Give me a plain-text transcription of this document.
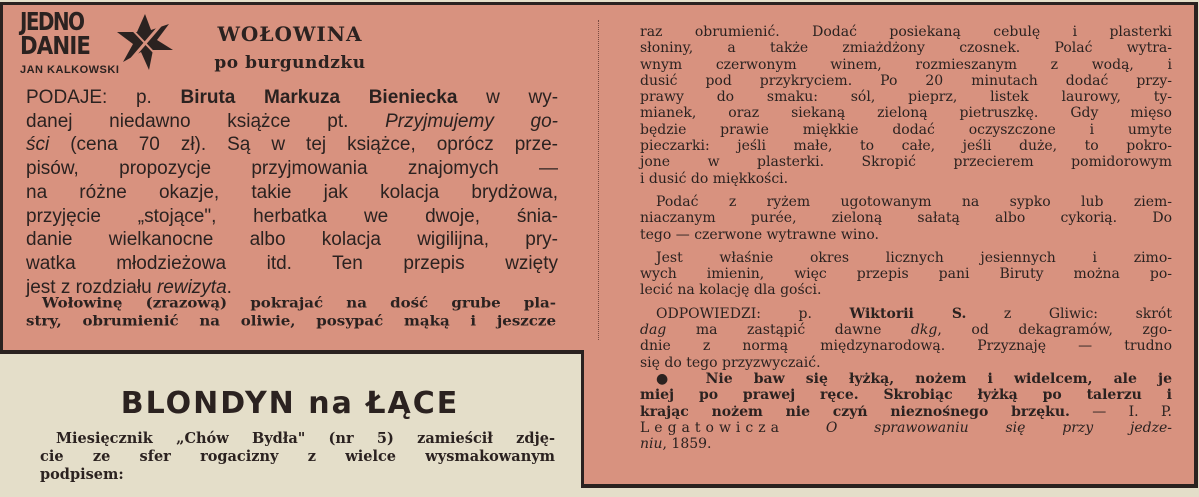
JEDNO
DANIE
JAN KALKOWSKI
WOŁOWINA
po burgundzku
PODAJE: p. Biruta Markuza Bieniecka w wy-
danej niedawno książce pt. Przyjmujemy go-
ści (cena 70 zł). Są w tej książce, oprócz prze-
pisów, propozycje przyjmowania znajomych —
na różne okazje, takie jak kolacja brydżowa,
przyjęcie „stojące", herbatka we dwoje, śnia-
danie wielkanocne albo kolacja wigilijna, pry-
watka młodzieżowa itd. Ten przepis wzięty
jest z rozdziału rewizyta.
Wołowinę (zrazową) pokrajać na dość grube pla-
stry, obrumienić na oliwie, posypać mąką i jeszcze
raz obrumienić. Dodać posiekaną cebulę i plasterki
słoniny, a także zmiażdżony czosnek. Polać wytra-
wnym czerwonym winem, rozmieszanym z wodą, i
dusić pod przykryciem. Po 20 minutach dodać przy-
prawy do smaku: sól, pieprz, listek laurowy, ty-
mianek, oraz siekaną zieloną pietruszkę. Gdy mięso
będzie prawie miękkie dodać oczyszczone i umyte
pieczarki: jeśli małe, to całe, jeśli duże, to pokro-
jone w plasterki. Skropić przecierem pomidorowym
i dusić do miękkości.
Podać z ryżem ugotowanym na sypko lub ziem-
niaczanym purée, zieloną sałatą albo cykorią. Do
tego — czerwone wytrawne wino.
Jest właśnie okres licznych jesiennych i zimo-
wych imienin, więc przepis pani Biruty można po-
lecić na kolację dla gości.
ODPOWIEDZI: p. Wiktorii S. z Gliwic: skrót
dag ma zastąpić dawne dkg, od dekagramów, zgo-
dnie z normą międzynarodową. Przyznaję — trudno
się do tego przyzwyczaić.
● Nie baw się łyżką, nożem i widelcem, ale je
miej po prawej ręce. Skrobiąc łyżką po talerzu i
krając nożem nie czyń nieznośnego brzęku. — I. P.
Legatowicza O sprawowaniu się przy jedze-
niu, 1859.
BLONDYN na ŁĄCE
Miesięcznik „Chów Bydła" (nr 5) zamieścił zdję-
cie ze sfer rogacizny z wielce wysmakowanym
podpisem:
